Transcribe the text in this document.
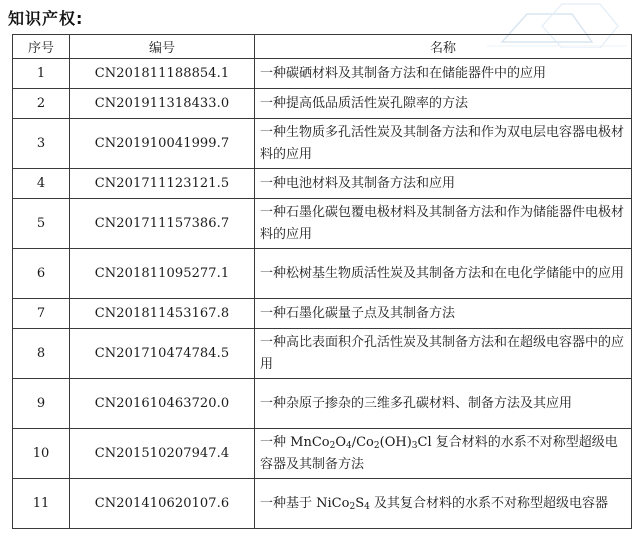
知识产权:
序号	编号	名称
1	CN201811188854.1	一种碳硒材料及其制备方法和在储能器件中的应用
2	CN201911318433.0	一种提高低品质活性炭孔隙率的方法
3	CN201910041999.7	一种生物质多孔活性炭及其制备方法和作为双电层电容器电极材料的应用
4	CN201711123121.5	一种电池材料及其制备方法和应用
5	CN201711157386.7	一种石墨化碳包覆电极材料及其制备方法和作为储能器件电极材料的应用
6	CN201811095277.1	一种松树基生物质活性炭及其制备方法和在电化学储能中的应用
7	CN201811453167.8	一种石墨化碳量子点及其制备方法
8	CN201710474784.5	一种高比表面积介孔活性炭及其制备方法和在超级电容器中的应用
9	CN201610463720.0	一种杂原子掺杂的三维多孔碳材料、制备方法及其应用
10	CN201510207947.4	一种 $MnCo_2O_4/Co_2(OH)_3Cl$ 复合材料的水系不对称型超级电容器及其制备方法
11	CN201410620107.6	一种基于 $NiCo_2S_4$ 及其复合材料的水系不对称型超级电容器
